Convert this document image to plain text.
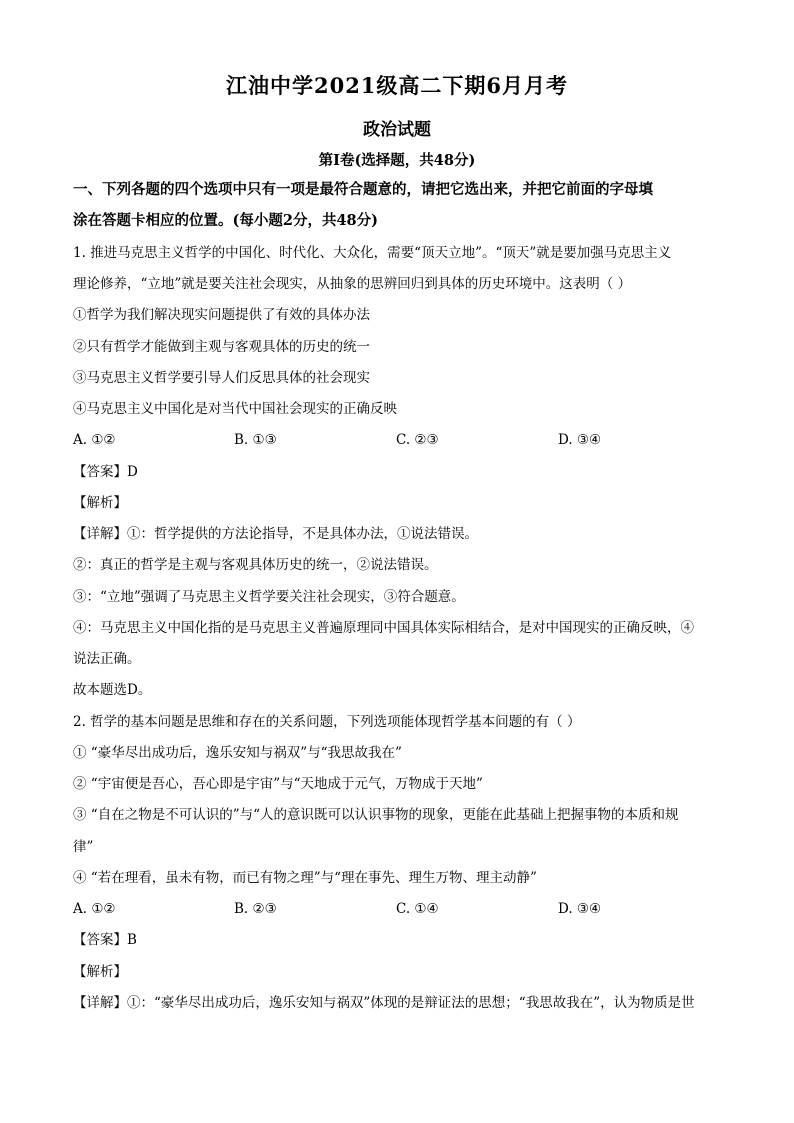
江油中学2021级高二下期6月月考
政治试题
第Ⅰ卷(选择题，共48分)
一、下列各题的四个选项中只有一项是最符合题意的，请把它选出来，并把它前面的字母填
涂在答题卡相应的位置。(每小题2分，共48分)
1. 推进马克思主义哲学的中国化、时代化、大众化，需要“顶天立地”。“顶天”就是要加强马克思主义
理论修养，“立地”就是要关注社会现实，从抽象的思辨回归到具体的历史环境中。这表明（ ）
①哲学为我们解决现实问题提供了有效的具体办法
②只有哲学才能做到主观与客观具体的历史的统一
③马克思主义哲学要引导人们反思具体的社会现实
④马克思主义中国化是对当代中国社会现实的正确反映
A. ①②	B. ①③	C. ②③	D. ③④
【答案】D
【解析】
【详解】①：哲学提供的方法论指导，不是具体办法，①说法错误。
②：真正的哲学是主观与客观具体历史的统一，②说法错误。
③：“立地”强调了马克思主义哲学要关注社会现实，③符合题意。
④：马克思主义中国化指的是马克思主义普遍原理同中国具体实际相结合，是对中国现实的正确反映，④
说法正确。
故本题选D。
2. 哲学的基本问题是思维和存在的关系问题，下列选项能体现哲学基本问题的有（ ）
① “豪华尽出成功后，逸乐安知与祸双”与“我思故我在”
② “宇宙便是吾心，吾心即是宇宙”与“天地成于元气，万物成于天地”
③ “自在之物是不可认识的”与“人的意识既可以认识事物的现象，更能在此基础上把握事物的本质和规
律”
④ “若在理看，虽未有物，而已有物之理”与“理在事先、理生万物、理主动静”
A. ①②	B. ②③	C. ①④	D. ③④
【答案】B
【解析】
【详解】①：“豪华尽出成功后，逸乐安知与祸双”体现的是辩证法的思想；“我思故我在”，认为物质是世
